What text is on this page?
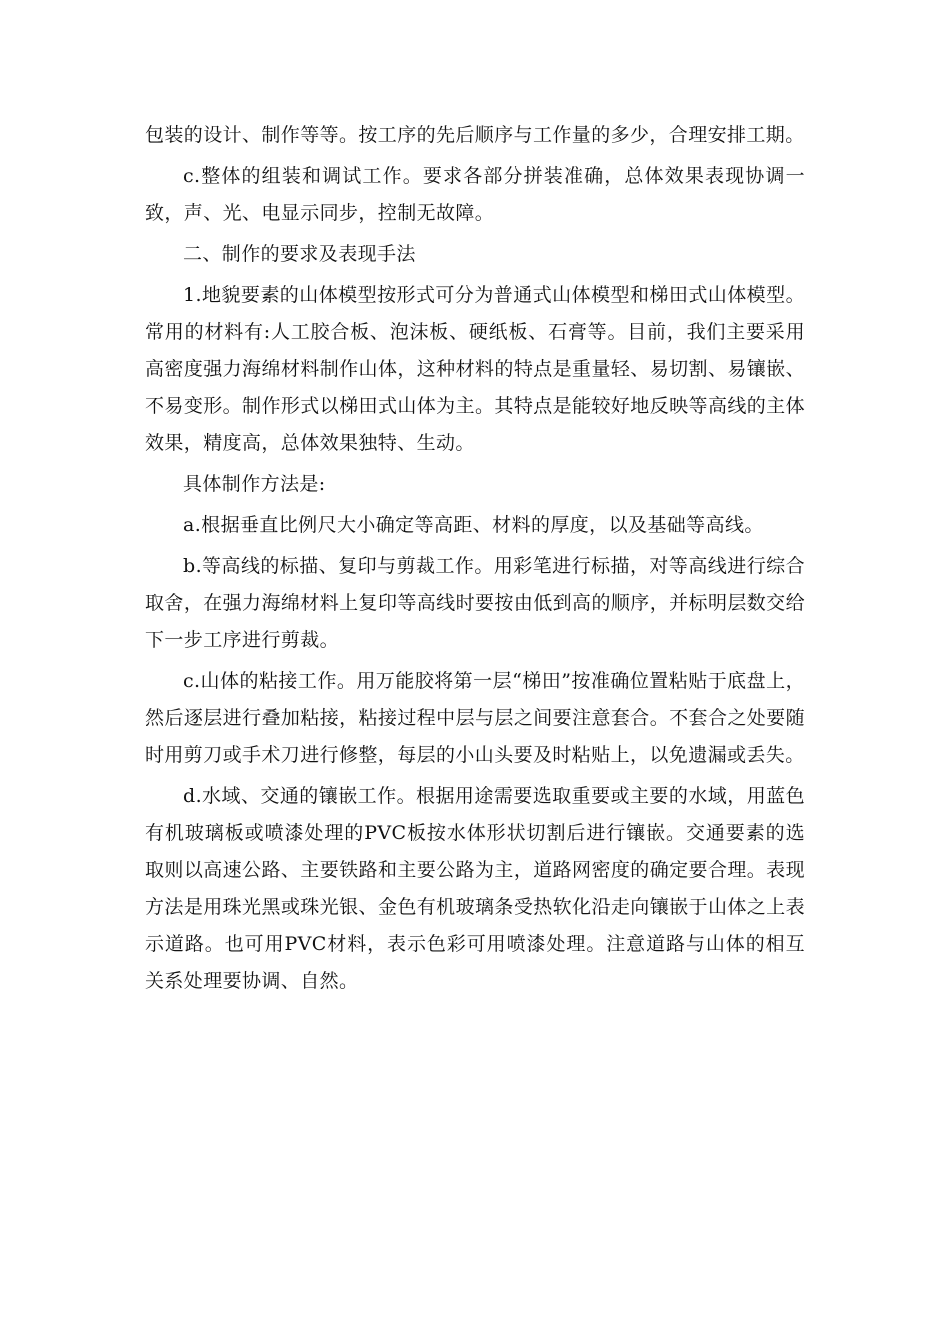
包装的设计、制作等等。按工序的先后顺序与工作量的多少，合理安排工期。

c.整体的组装和调试工作。要求各部分拼装准确，总体效果表现协调一致，声、光、电显示同步，控制无故障。

二、制作的要求及表现手法

1.地貌要素的山体模型按形式可分为普通式山体模型和梯田式山体模型。常用的材料有:人工胶合板、泡沫板、硬纸板、石膏等。目前，我们主要采用高密度强力海绵材料制作山体，这种材料的特点是重量轻、易切割、易镶嵌、不易变形。制作形式以梯田式山体为主。其特点是能较好地反映等高线的主体效果，精度高，总体效果独特、生动。

具体制作方法是:

a.根据垂直比例尺大小确定等高距、材料的厚度，以及基础等高线。

b.等高线的标描、复印与剪裁工作。用彩笔进行标描，对等高线进行综合取舍，在强力海绵材料上复印等高线时要按由低到高的顺序，并标明层数交给下一步工序进行剪裁。

c.山体的粘接工作。用万能胶将第一层“梯田”按准确位置粘贴于底盘上，然后逐层进行叠加粘接，粘接过程中层与层之间要注意套合。不套合之处要随时用剪刀或手术刀进行修整，每层的小山头要及时粘贴上，以免遗漏或丢失。

d.水域、交通的镶嵌工作。根据用途需要选取重要或主要的水域，用蓝色有机玻璃板或喷漆处理的PVC板按水体形状切割后进行镶嵌。交通要素的选取则以高速公路、主要铁路和主要公路为主，道路网密度的确定要合理。表现方法是用珠光黑或珠光银、金色有机玻璃条受热软化沿走向镶嵌于山体之上表示道路。也可用PVC材料，表示色彩可用喷漆处理。注意道路与山体的相互关系处理要协调、自然。
